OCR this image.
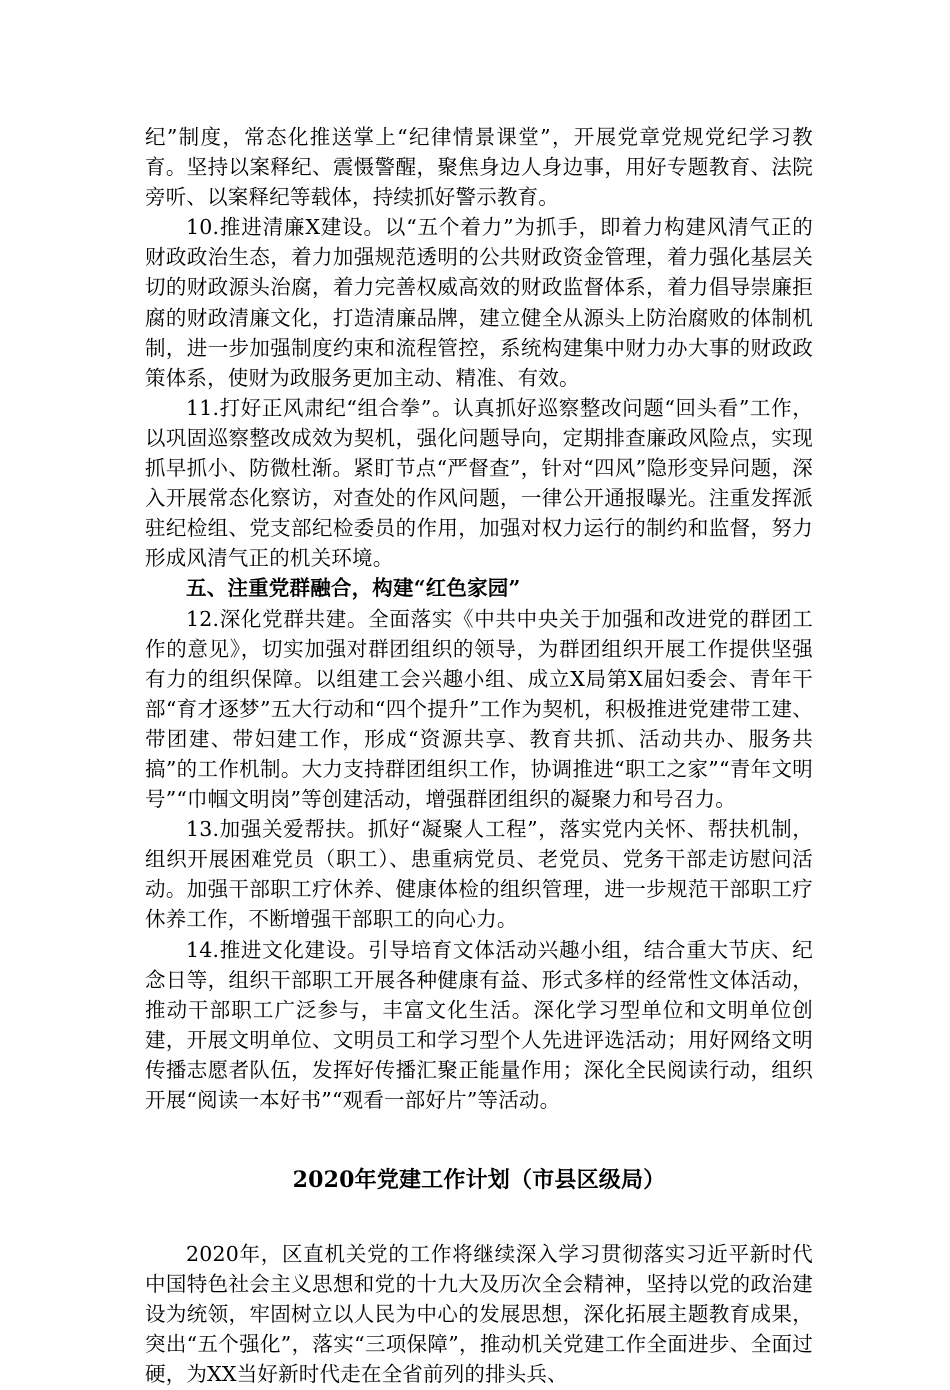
纪”制度，常态化推送掌上“纪律情景课堂”，开展党章党规党纪学习教育。坚持以案释纪、震慑警醒，聚焦身边人身边事，用好专题教育、法院旁听、以案释纪等载体，持续抓好警示教育。

10.推进清廉X建设。以“五个着力”为抓手，即着力构建风清气正的财政政治生态，着力加强规范透明的公共财政资金管理，着力强化基层关切的财政源头治腐，着力完善权威高效的财政监督体系，着力倡导崇廉拒腐的财政清廉文化，打造清廉品牌，建立健全从源头上防治腐败的体制机制，进一步加强制度约束和流程管控，系统构建集中财力办大事的财政政策体系，使财为政服务更加主动、精准、有效。

11.打好正风肃纪“组合拳”。认真抓好巡察整改问题“回头看”工作，以巩固巡察整改成效为契机，强化问题导向，定期排查廉政风险点，实现抓早抓小、防微杜渐。紧盯节点“严督查”，针对“四风”隐形变异问题，深入开展常态化察访，对查处的作风问题，一律公开通报曝光。注重发挥派驻纪检组、党支部纪检委员的作用，加强对权力运行的制约和监督，努力形成风清气正的机关环境。

五、注重党群融合，构建“红色家园”

12.深化党群共建。全面落实《中共中央关于加强和改进党的群团工作的意见》，切实加强对群团组织的领导，为群团组织开展工作提供坚强有力的组织保障。以组建工会兴趣小组、成立X局第X届妇委会、青年干部“育才逐梦”五大行动和“四个提升”工作为契机，积极推进党建带工建、带团建、带妇建工作，形成“资源共享、教育共抓、活动共办、服务共搞”的工作机制。大力支持群团组织工作，协调推进“职工之家”“青年文明号”“巾帼文明岗”等创建活动，增强群团组织的凝聚力和号召力。

13.加强关爱帮扶。抓好“凝聚人工程”，落实党内关怀、帮扶机制，组织开展困难党员（职工）、患重病党员、老党员、党务干部走访慰问活动。加强干部职工疗休养、健康体检的组织管理，进一步规范干部职工疗休养工作，不断增强干部职工的向心力。

14.推进文化建设。引导培育文体活动兴趣小组，结合重大节庆、纪念日等，组织干部职工开展各种健康有益、形式多样的经常性文体活动，推动干部职工广泛参与，丰富文化生活。深化学习型单位和文明单位创建，开展文明单位、文明员工和学习型个人先进评选活动；用好网络文明传播志愿者队伍，发挥好传播汇聚正能量作用；深化全民阅读行动，组织开展“阅读一本好书”“观看一部好片”等活动。

2020年党建工作计划（市县区级局）

2020年，区直机关党的工作将继续深入学习贯彻落实习近平新时代中国特色社会主义思想和党的十九大及历次全会精神，坚持以党的政治建设为统领，牢固树立以人民为中心的发展思想，深化拓展主题教育成果，突出“五个强化”，落实“三项保障”，推动机关党建工作全面进步、全面过硬，为XX当好新时代走在全省前列的排头兵、
